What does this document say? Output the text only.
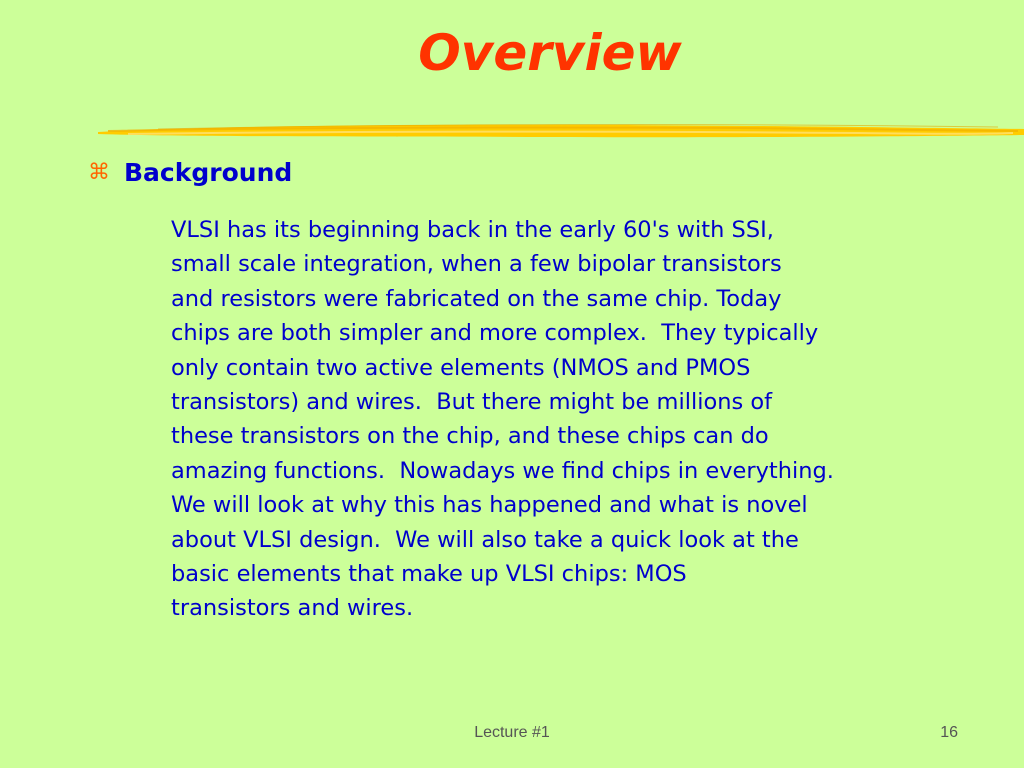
Overview
⌘ Background
VLSI has its beginning back in the early 60's with SSI,
small scale integration, when a few bipolar transistors
and resistors were fabricated on the same chip. Today
chips are both simpler and more complex.  They typically
only contain two active elements (NMOS and PMOS
transistors) and wires.  But there might be millions of
these transistors on the chip, and these chips can do
amazing functions.  Nowadays we find chips in everything.
We will look at why this has happened and what is novel
about VLSI design.  We will also take a quick look at the
basic elements that make up VLSI chips: MOS
transistors and wires.
Lecture #1	16
